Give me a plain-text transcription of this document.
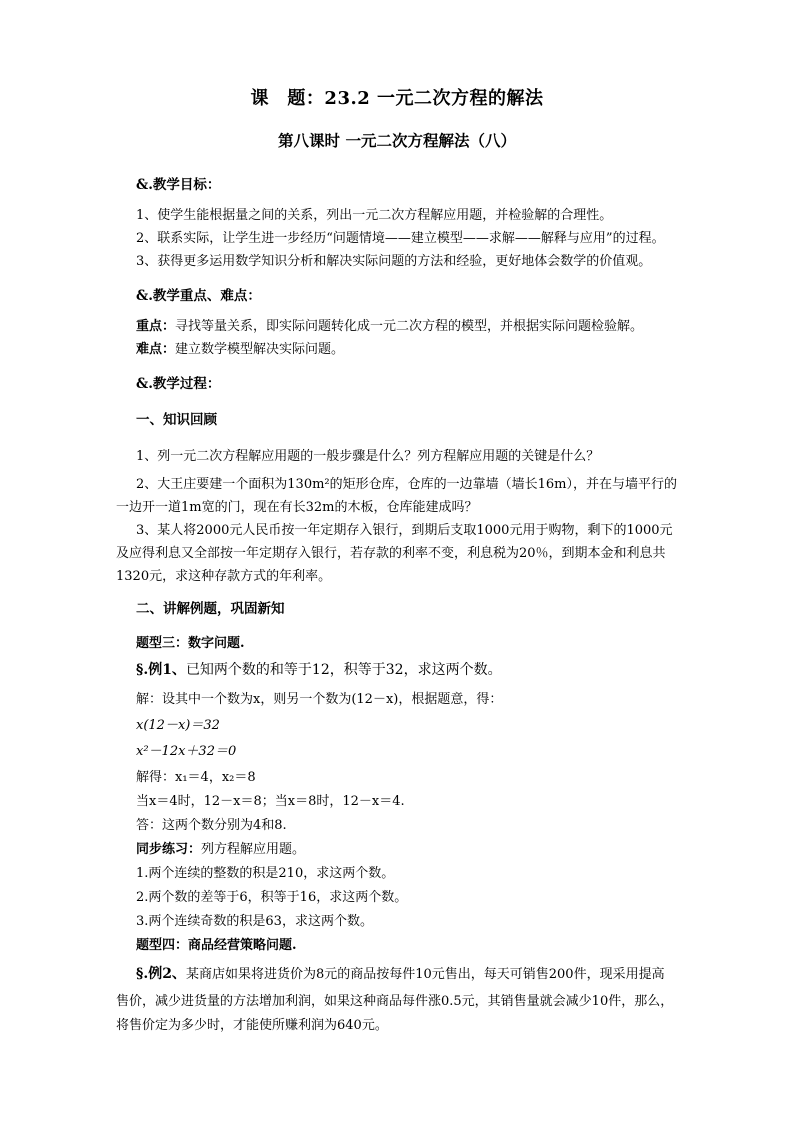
课　题：23.2 一元二次方程的解法
第八课时 一元二次方程解法（八）
&.教学目标：
1、使学生能根据量之间的关系，列出一元二次方程解应用题，并检验解的合理性。
2、联系实际，让学生进一步经历“问题情境——建立模型——求解——解释与应用”的过程。
3、获得更多运用数学知识分析和解决实际问题的方法和经验，更好地体会数学的价值观。
&.教学重点、难点：
重点：寻找等量关系，即实际问题转化成一元二次方程的模型，并根据实际问题检验解。
难点：建立数学模型解决实际问题。
&.教学过程：
一、知识回顾
1、列一元二次方程解应用题的一般步骤是什么？列方程解应用题的关键是什么？
2、大王庄要建一个面积为130m²的矩形仓库，仓库的一边靠墙（墙长16m），并在与墙平行的
一边开一道1m宽的门，现在有长32m的木板，仓库能建成吗？
3、某人将2000元人民币按一年定期存入银行，到期后支取1000元用于购物，剩下的1000元
及应得利息又全部按一年定期存入银行，若存款的利率不变，利息税为20％，到期本金和利息共
1320元，求这种存款方式的年利率。
二、讲解例题，巩固新知
题型三：数字问题.
§.例1、已知两个数的和等于12，积等于32，求这两个数。
解：设其中一个数为x，则另一个数为(12－x)，根据题意，得：
x(12－x)＝32
x²－12x＋32＝0
解得：x₁＝4，x₂＝8
当x＝4时，12－x＝8；当x＝8时，12－x＝4.
答：这两个数分别为4和8.
同步练习：列方程解应用题。
1.两个连续的整数的积是210，求这两个数。
2.两个数的差等于6，积等于16，求这两个数。
3.两个连续奇数的积是63，求这两个数。
题型四：商品经营策略问题.
§.例2、某商店如果将进货价为8元的商品按每件10元售出，每天可销售200件，现采用提高
售价，减少进货量的方法增加利润，如果这种商品每件涨0.5元，其销售量就会减少10件，那么，
将售价定为多少时，才能使所赚利润为640元。
